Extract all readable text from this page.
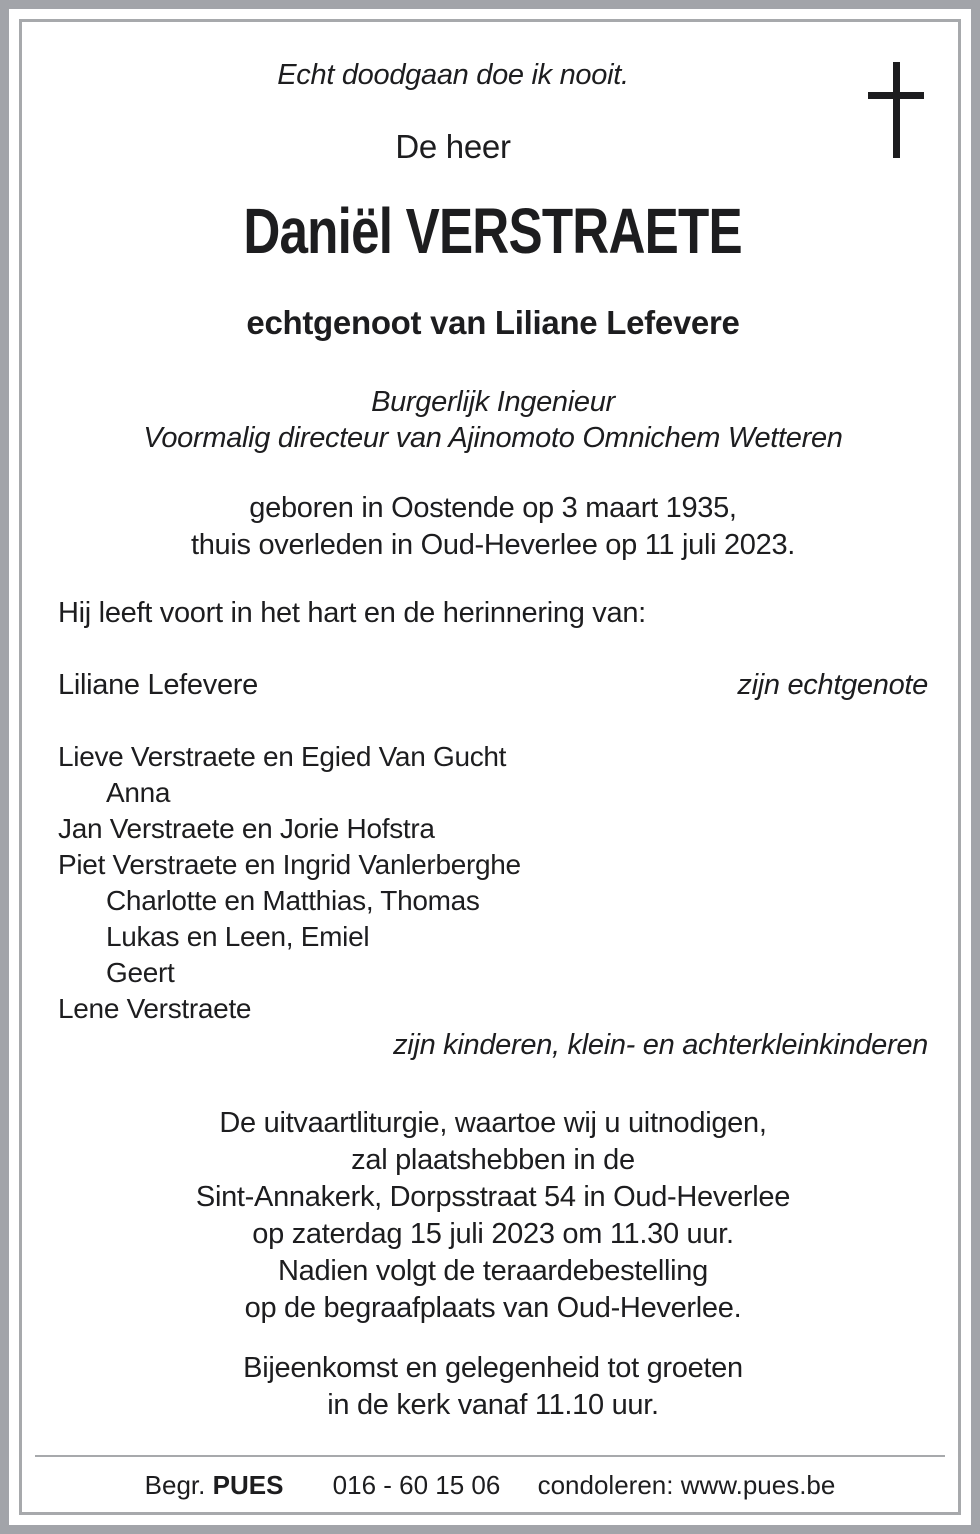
Echt doodgaan doe ik nooit.
De heer
Daniël VERSTRAETE
echtgenoot van Liliane Lefevere
Burgerlijk Ingenieur
Voormalig directeur van Ajinomoto Omnichem Wetteren
geboren in Oostende op 3 maart 1935,
thuis overleden in Oud-Heverlee op 11 juli 2023.
Hij leeft voort in het hart en de herinnering van:
Liliane Lefevere	zijn echtgenote
Lieve Verstraete en Egied Van Gucht
Anna
Jan Verstraete en Jorie Hofstra
Piet Verstraete en Ingrid Vanlerberghe
Charlotte en Matthias, Thomas
Lukas en Leen, Emiel
Geert
Lene Verstraete
zijn kinderen, klein- en achterkleinkinderen
De uitvaartliturgie, waartoe wij u uitnodigen,
zal plaatshebben in de
Sint-Annakerk, Dorpsstraat 54 in Oud-Heverlee
op zaterdag 15 juli 2023 om 11.30 uur.
Nadien volgt de teraardebestelling
op de begraafplaats van Oud-Heverlee.
Bijeenkomst en gelegenheid tot groeten
in de kerk vanaf 11.10 uur.
Begr. PUES 016 - 60 15 06 condoleren: www.pues.be
